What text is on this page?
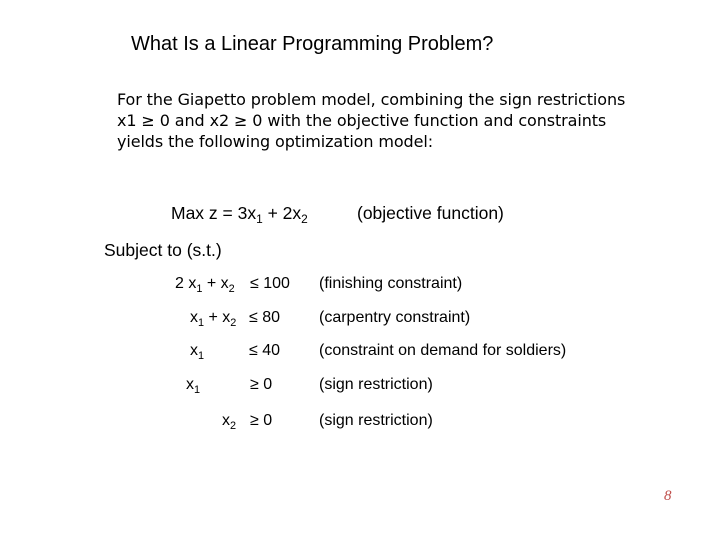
What Is a Linear Programming Problem?
For the Giapetto problem model, combining the sign restrictions
x1 ≥ 0 and x2 ≥ 0 with the objective function and constraints
yields the following optimization model:
Max $z = 3x_1 + 2x_2$	(objective function)
Subject to (s.t.)
2 $x_1 + x_2 \le 100$ (finishing constraint)
$x_1 + x_2 \le 80$ (carpentry constraint)
$x_1$	≤ 40 (constraint on demand for soldiers)
$x_1$	≥ 0	(sign restriction)
$x_2 \ge 0$	(sign restriction)
8
